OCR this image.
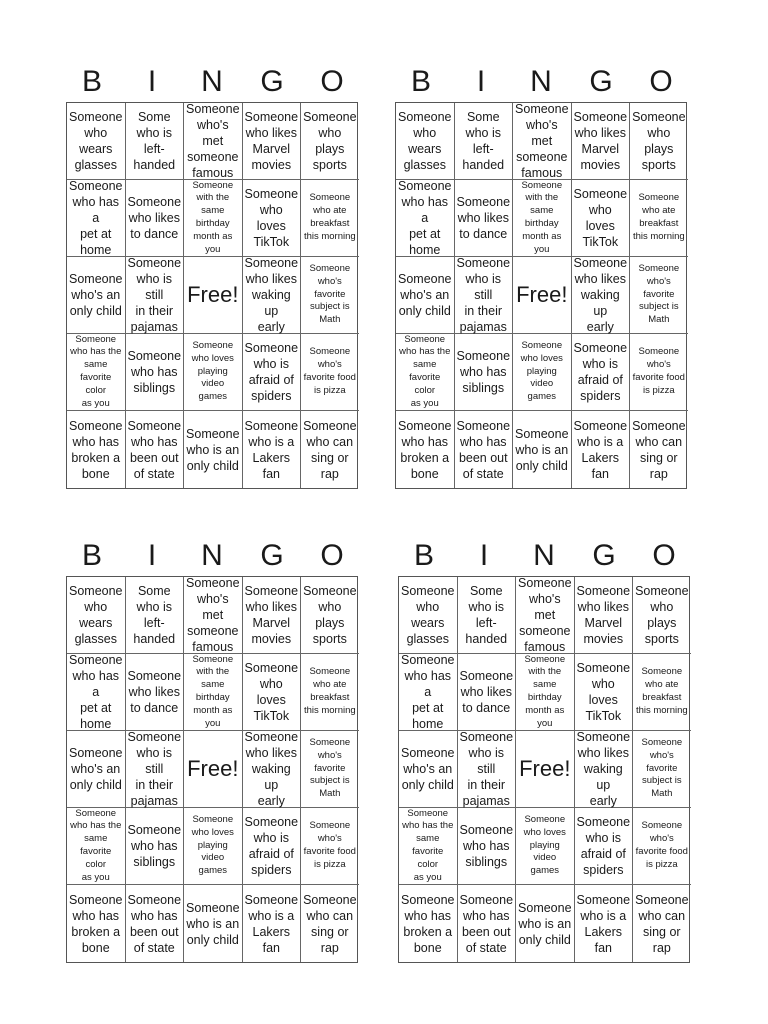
B I N G O
Someone
who
wears
glasses
Some
who is
left-
handed
Someone
who's met
someone
famous
Someone
who likes
Marvel
movies
Someone
who plays
sports
Someone
who has a
pet at
home
Someone
who likes
to dance
Someone
with the
same
birthday
month as you
Someone
who loves
TikTok
Someone
who ate
breakfast
this morning
Someone
who's an
only child
Someone
who is still
in their
pajamas
Free!
Someone
who likes
waking up
early
Someone
who's
favorite
subject is
Math
Someone
who has the
same
favorite color
as you
Someone
who has
siblings
Someone
who loves
playing video
games
Someone
who is
afraid of
spiders
Someone
who's
favorite food
is pizza
Someone
who has
broken a
bone
Someone
who has
been out
of state
Someone
who is an
only child
Someone
who is a
Lakers
fan
Someone
who can
sing or
rap
B I N G O
Someone
who
wears
glasses
Some
who is
left-
handed
Someone
who's met
someone
famous
Someone
who likes
Marvel
movies
Someone
who plays
sports
Someone
who has a
pet at
home
Someone
who likes
to dance
Someone
with the
same
birthday
month as you
Someone
who loves
TikTok
Someone
who ate
breakfast
this morning
Someone
who's an
only child
Someone
who is still
in their
pajamas
Free!
Someone
who likes
waking up
early
Someone
who's
favorite
subject is
Math
Someone
who has the
same
favorite color
as you
Someone
who has
siblings
Someone
who loves
playing video
games
Someone
who is
afraid of
spiders
Someone
who's
favorite food
is pizza
Someone
who has
broken a
bone
Someone
who has
been out
of state
Someone
who is an
only child
Someone
who is a
Lakers
fan
Someone
who can
sing or
rap
B I N G O
Someone
who
wears
glasses
Some
who is
left-
handed
Someone
who's met
someone
famous
Someone
who likes
Marvel
movies
Someone
who plays
sports
Someone
who has a
pet at
home
Someone
who likes
to dance
Someone
with the
same
birthday
month as you
Someone
who loves
TikTok
Someone
who ate
breakfast
this morning
Someone
who's an
only child
Someone
who is still
in their
pajamas
Free!
Someone
who likes
waking up
early
Someone
who's
favorite
subject is
Math
Someone
who has the
same
favorite color
as you
Someone
who has
siblings
Someone
who loves
playing video
games
Someone
who is
afraid of
spiders
Someone
who's
favorite food
is pizza
Someone
who has
broken a
bone
Someone
who has
been out
of state
Someone
who is an
only child
Someone
who is a
Lakers
fan
Someone
who can
sing or
rap
B I N G O
Someone
who
wears
glasses
Some
who is
left-
handed
Someone
who's met
someone
famous
Someone
who likes
Marvel
movies
Someone
who plays
sports
Someone
who has a
pet at
home
Someone
who likes
to dance
Someone
with the
same
birthday
month as you
Someone
who loves
TikTok
Someone
who ate
breakfast
this morning
Someone
who's an
only child
Someone
who is still
in their
pajamas
Free!
Someone
who likes
waking up
early
Someone
who's
favorite
subject is
Math
Someone
who has the
same
favorite color
as you
Someone
who has
siblings
Someone
who loves
playing video
games
Someone
who is
afraid of
spiders
Someone
who's
favorite food
is pizza
Someone
who has
broken a
bone
Someone
who has
been out
of state
Someone
who is an
only child
Someone
who is a
Lakers
fan
Someone
who can
sing or
rap
